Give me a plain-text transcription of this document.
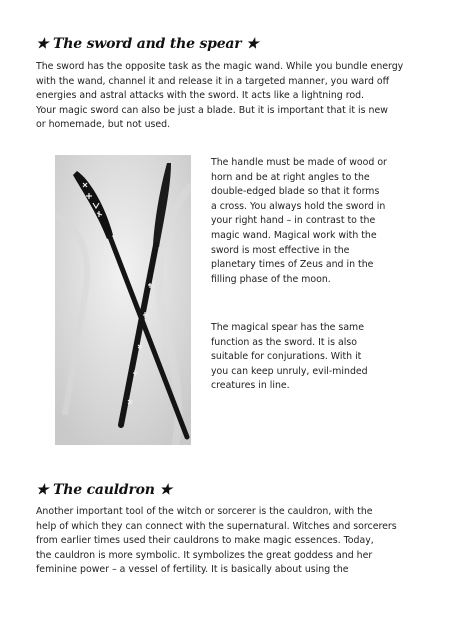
★ The sword and the spear ★
The sword has the opposite task as the magic wand. While you bundle energy
with the wand, channel it and release it in a targeted manner, you ward off
energies and astral attacks with the sword. It acts like a lightning rod.
Your magic sword can also be just a blade. But it is important that it is new
or homemade, but not used.
The handle must be made of wood or
horn and be at right angles to the
double-edged blade so that it forms
a cross. You always hold the sword in
your right hand – in contrast to the
magic wand. Magical work with the
sword is most effective in the
planetary times of Zeus and in the
filling phase of the moon.
The magical spear has the same
function as the sword. It is also
suitable for conjurations. With it
you can keep unruly, evil-minded
creatures in line.
★ The cauldron ★
Another important tool of the witch or sorcerer is the cauldron, with the
help of which they can connect with the supernatural. Witches and sorcerers
from earlier times used their cauldrons to make magic essences. Today,
the cauldron is more symbolic. It symbolizes the great goddess and her
feminine power – a vessel of fertility. It is basically about using the
